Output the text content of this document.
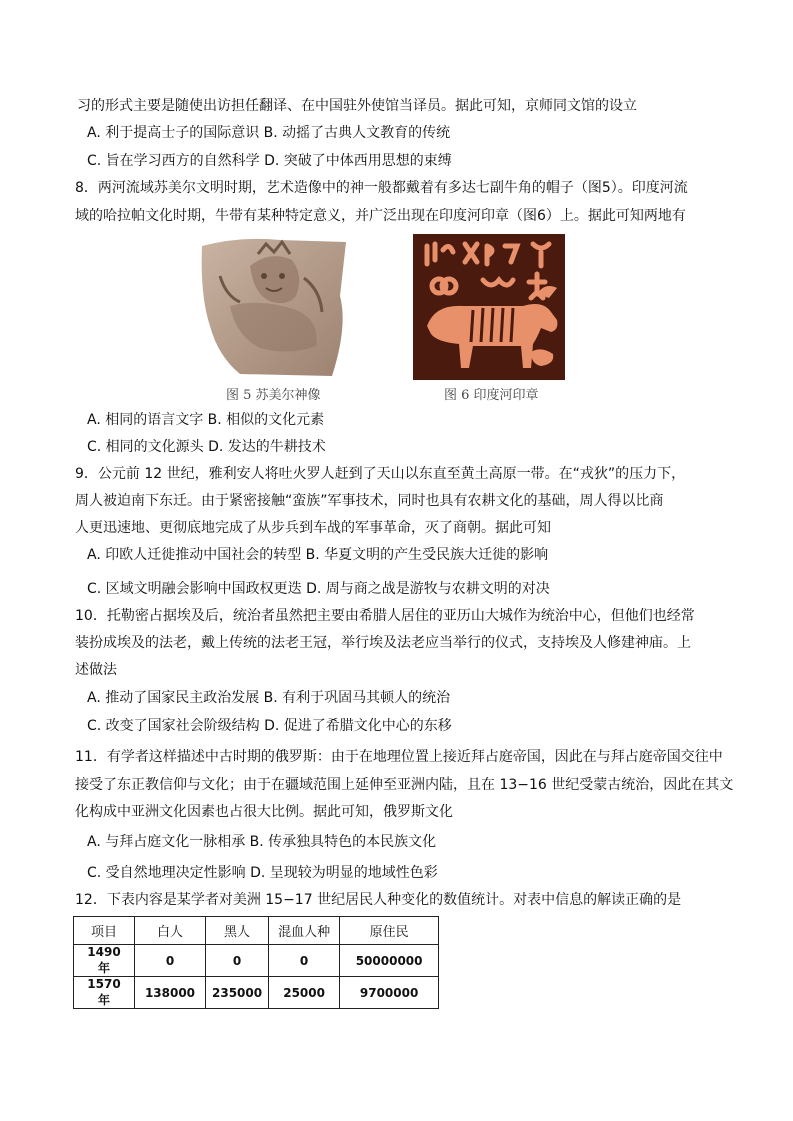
习的形式主要是随使出访担任翻译、在中国驻外使馆当译员。据此可知，京师同文馆的设立
A. 利于提高士子的国际意识 B. 动摇了古典人文教育的传统
C. 旨在学习西方的自然科学 D. 突破了中体西用思想的束缚
8．两河流域苏美尔文明时期，艺术造像中的神一般都戴着有多达七副牛角的帽子（图5）。印度河流
域的哈拉帕文化时期，牛带有某种特定意义，并广泛出现在印度河印章（图6）上。据此可知两地有
图 5 苏美尔神像	图 6 印度河印章
A. 相同的语言文字 B. 相似的文化元素
C. 相同的文化源头 D. 发达的牛耕技术
9．公元前 12 世纪，雅利安人将吐火罗人赶到了天山以东直至黄土高原一带。在“戎狄”的压力下，
周人被迫南下东迁。由于紧密接触“蛮族”军事技术，同时也具有农耕文化的基础，周人得以比商
人更迅速地、更彻底地完成了从步兵到车战的军事革命，灭了商朝。据此可知
A. 印欧人迁徙推动中国社会的转型 B. 华夏文明的产生受民族大迁徙的影响
C. 区域文明融会影响中国政权更迭 D. 周与商之战是游牧与农耕文明的对决
10．托勒密占据埃及后，统治者虽然把主要由希腊人居住的亚历山大城作为统治中心，但他们也经常
装扮成埃及的法老，戴上传统的法老王冠，举行埃及法老应当举行的仪式，支持埃及人修建神庙。上
述做法
A. 推动了国家民主政治发展 B. 有利于巩固马其顿人的统治
C. 改变了国家社会阶级结构 D. 促进了希腊文化中心的东移
11．有学者这样描述中古时期的俄罗斯：由于在地理位置上接近拜占庭帝国，因此在与拜占庭帝国交往中
接受了东正教信仰与文化；由于在疆域范围上延伸至亚洲内陆，且在 13−16 世纪受蒙古统治，因此在其文
化构成中亚洲文化因素也占很大比例。据此可知，俄罗斯文化
A. 与拜占庭文化一脉相承 B. 传承独具特色的本民族文化
C. 受自然地理决定性影响 D. 呈现较为明显的地域性色彩
12．下表内容是某学者对美洲 15−17 世纪居民人种变化的数值统计。对表中信息的解读正确的是
项目	白人	黑人	混血人种	原住民
1490 年	0	0	0	50000000
1570 年	138000	235000	25000	9700000
